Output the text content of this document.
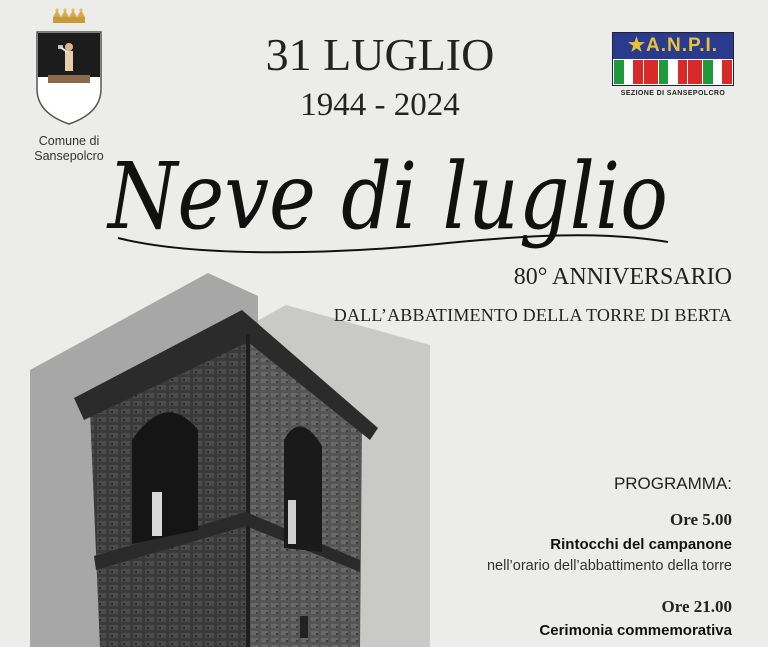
Comune di
Sansepolcro
★A.N.P.I.
SEZIONE DI SANSEPOLCRO
31 LUGLIO
1944 - 2024
Neve di luglio
80° ANNIVERSARIO
DALL’ABBATIMENTO DELLA TORRE DI BERTA
PROGRAMMA:
Ore 5.00
Rintocchi del campanone
nell’orario dell’abbattimento della torre
Ore 21.00
Cerimonia commemorativa
